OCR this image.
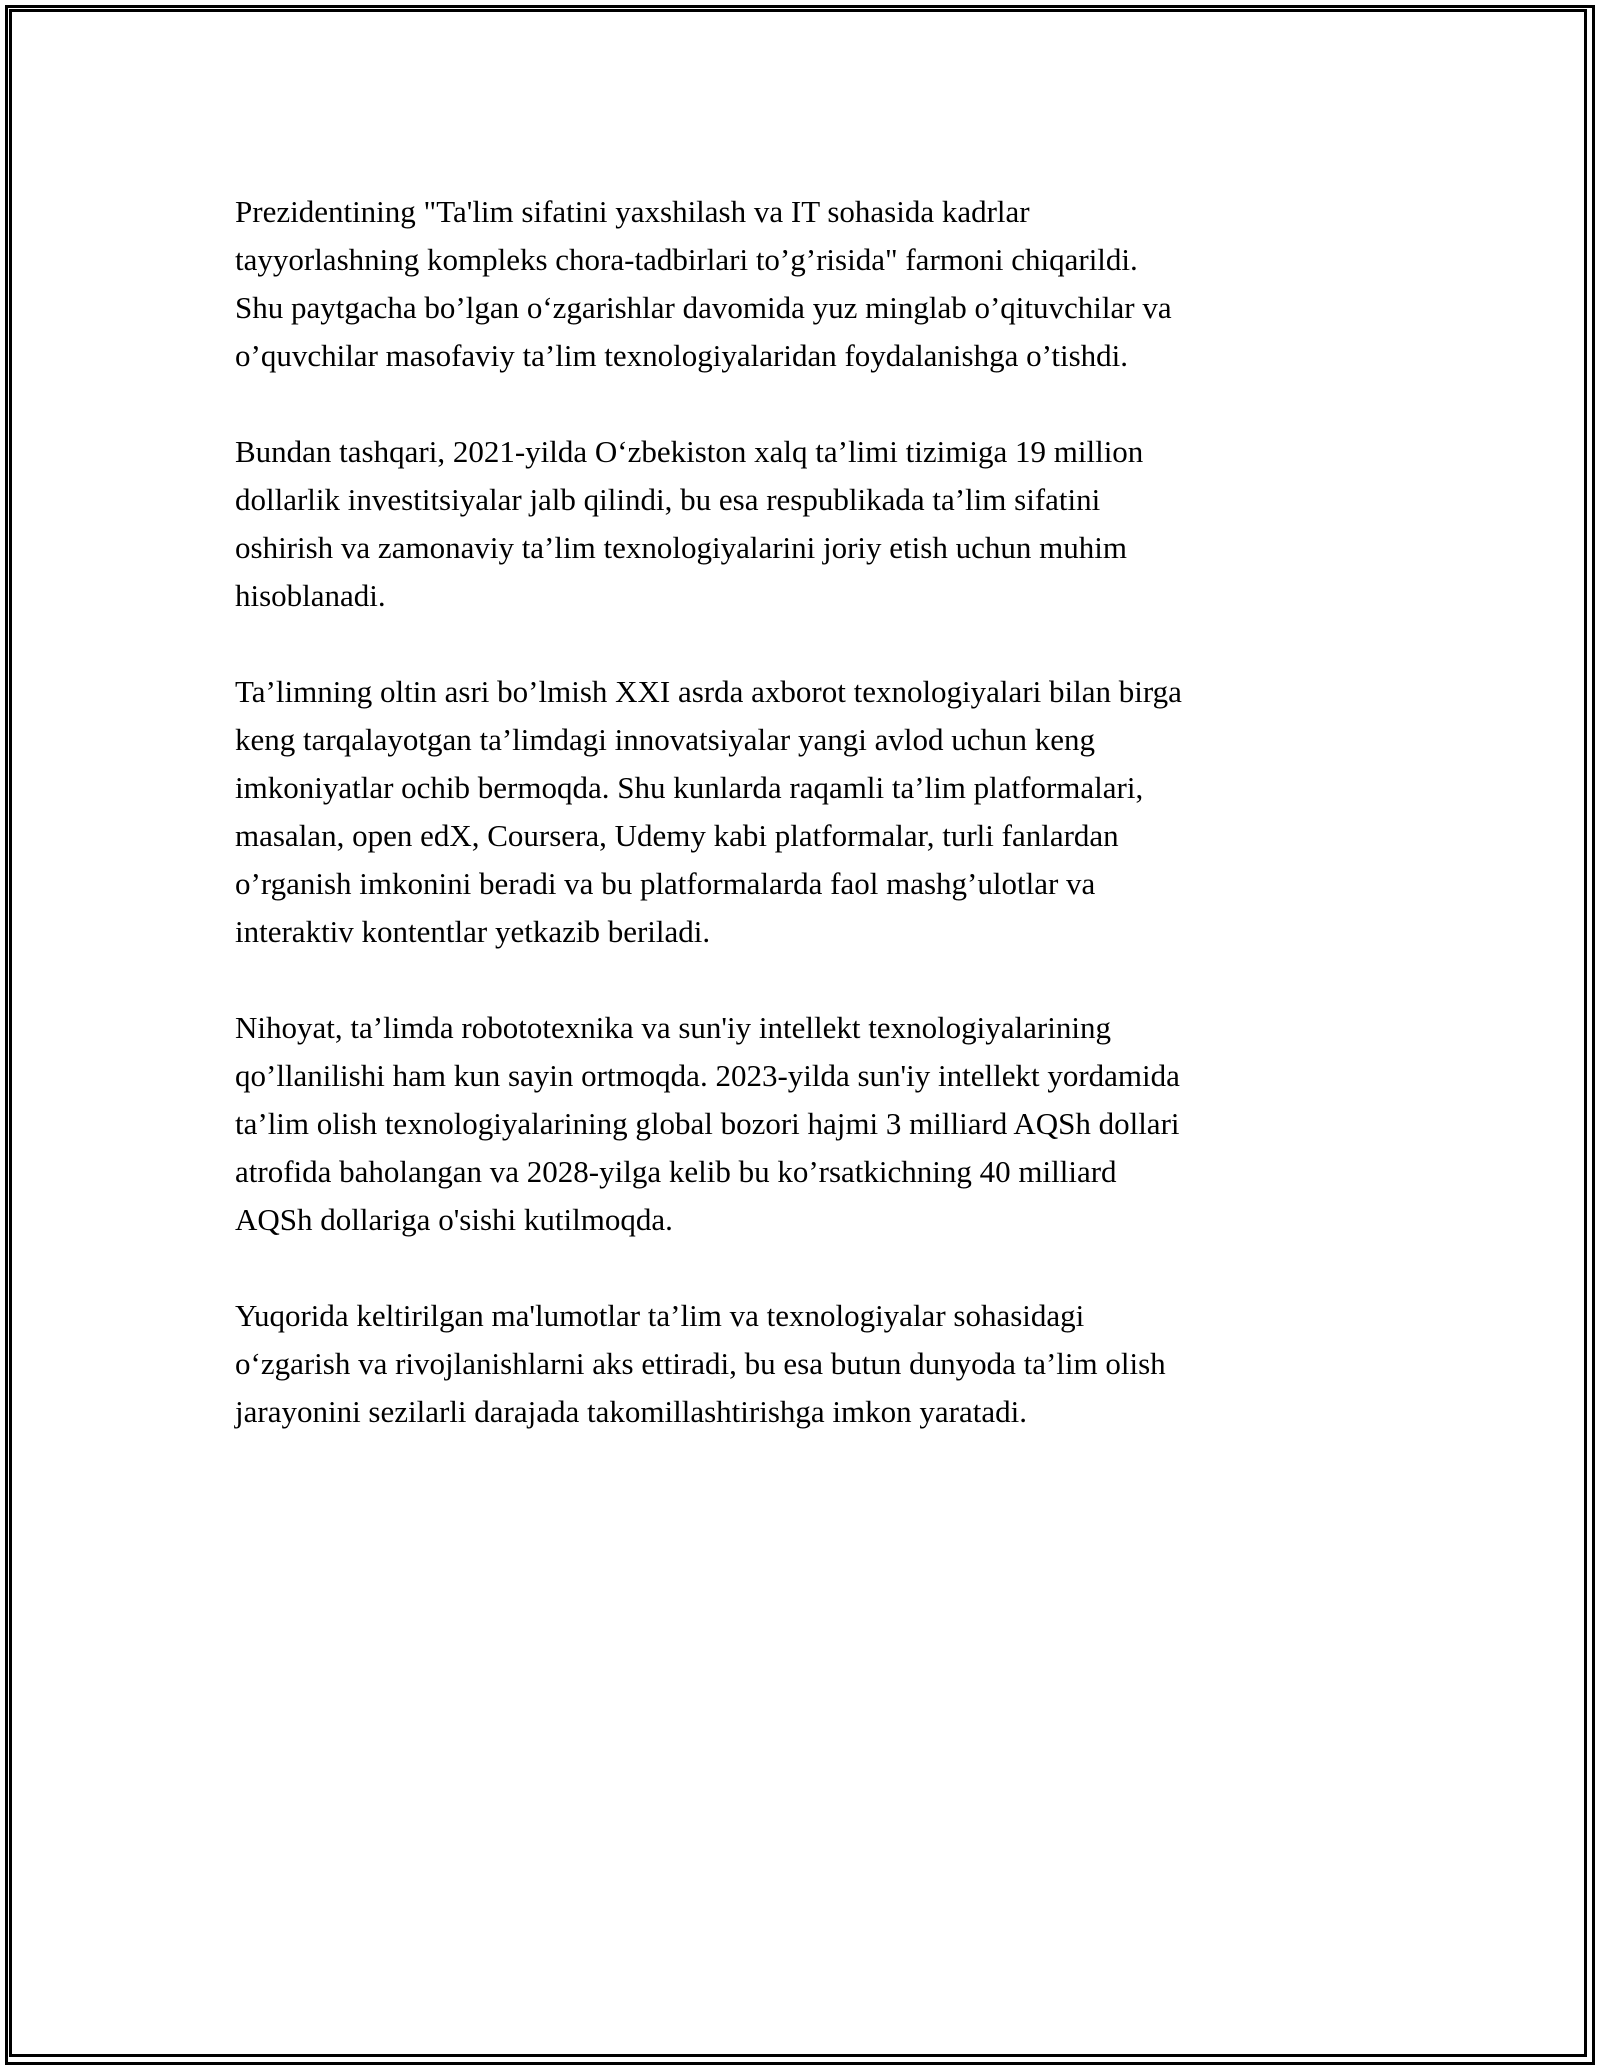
Prezidentining "Ta'lim sifatini yaxshilash va IT sohasida kadrlar
tayyorlashning kompleks chora-tadbirlari to’g’risida" farmoni chiqarildi.
Shu paytgacha bo’lgan o‘zgarishlar davomida yuz minglab o’qituvchilar va
o’quvchilar masofaviy ta’lim texnologiyalaridan foydalanishga o’tishdi.

Bundan tashqari, 2021-yilda O‘zbekiston xalq ta’limi tizimiga 19 million
dollarlik investitsiyalar jalb qilindi, bu esa respublikada ta’lim sifatini
oshirish va zamonaviy ta’lim texnologiyalarini joriy etish uchun muhim
hisoblanadi.

Ta’limning oltin asri bo’lmish XXI asrda axborot texnologiyalari bilan birga
keng tarqalayotgan ta’limdagi innovatsiyalar yangi avlod uchun keng
imkoniyatlar ochib bermoqda. Shu kunlarda raqamli ta’lim platformalari,
masalan, open edX, Coursera, Udemy kabi platformalar, turli fanlardan
o’rganish imkonini beradi va bu platformalarda faol mashg’ulotlar va
interaktiv kontentlar yetkazib beriladi.

Nihoyat, ta’limda robototexnika va sun'iy intellekt texnologiyalarining
qo’llanilishi ham kun sayin ortmoqda. 2023-yilda sun'iy intellekt yordamida
ta’lim olish texnologiyalarining global bozori hajmi 3 milliard AQSh dollari
atrofida baholangan va 2028-yilga kelib bu ko’rsatkichning 40 milliard
AQSh dollariga o'sishi kutilmoqda.

Yuqorida keltirilgan ma'lumotlar ta’lim va texnologiyalar sohasidagi
o‘zgarish va rivojlanishlarni aks ettiradi, bu esa butun dunyoda ta’lim olish
jarayonini sezilarli darajada takomillashtirishga imkon yaratadi.
